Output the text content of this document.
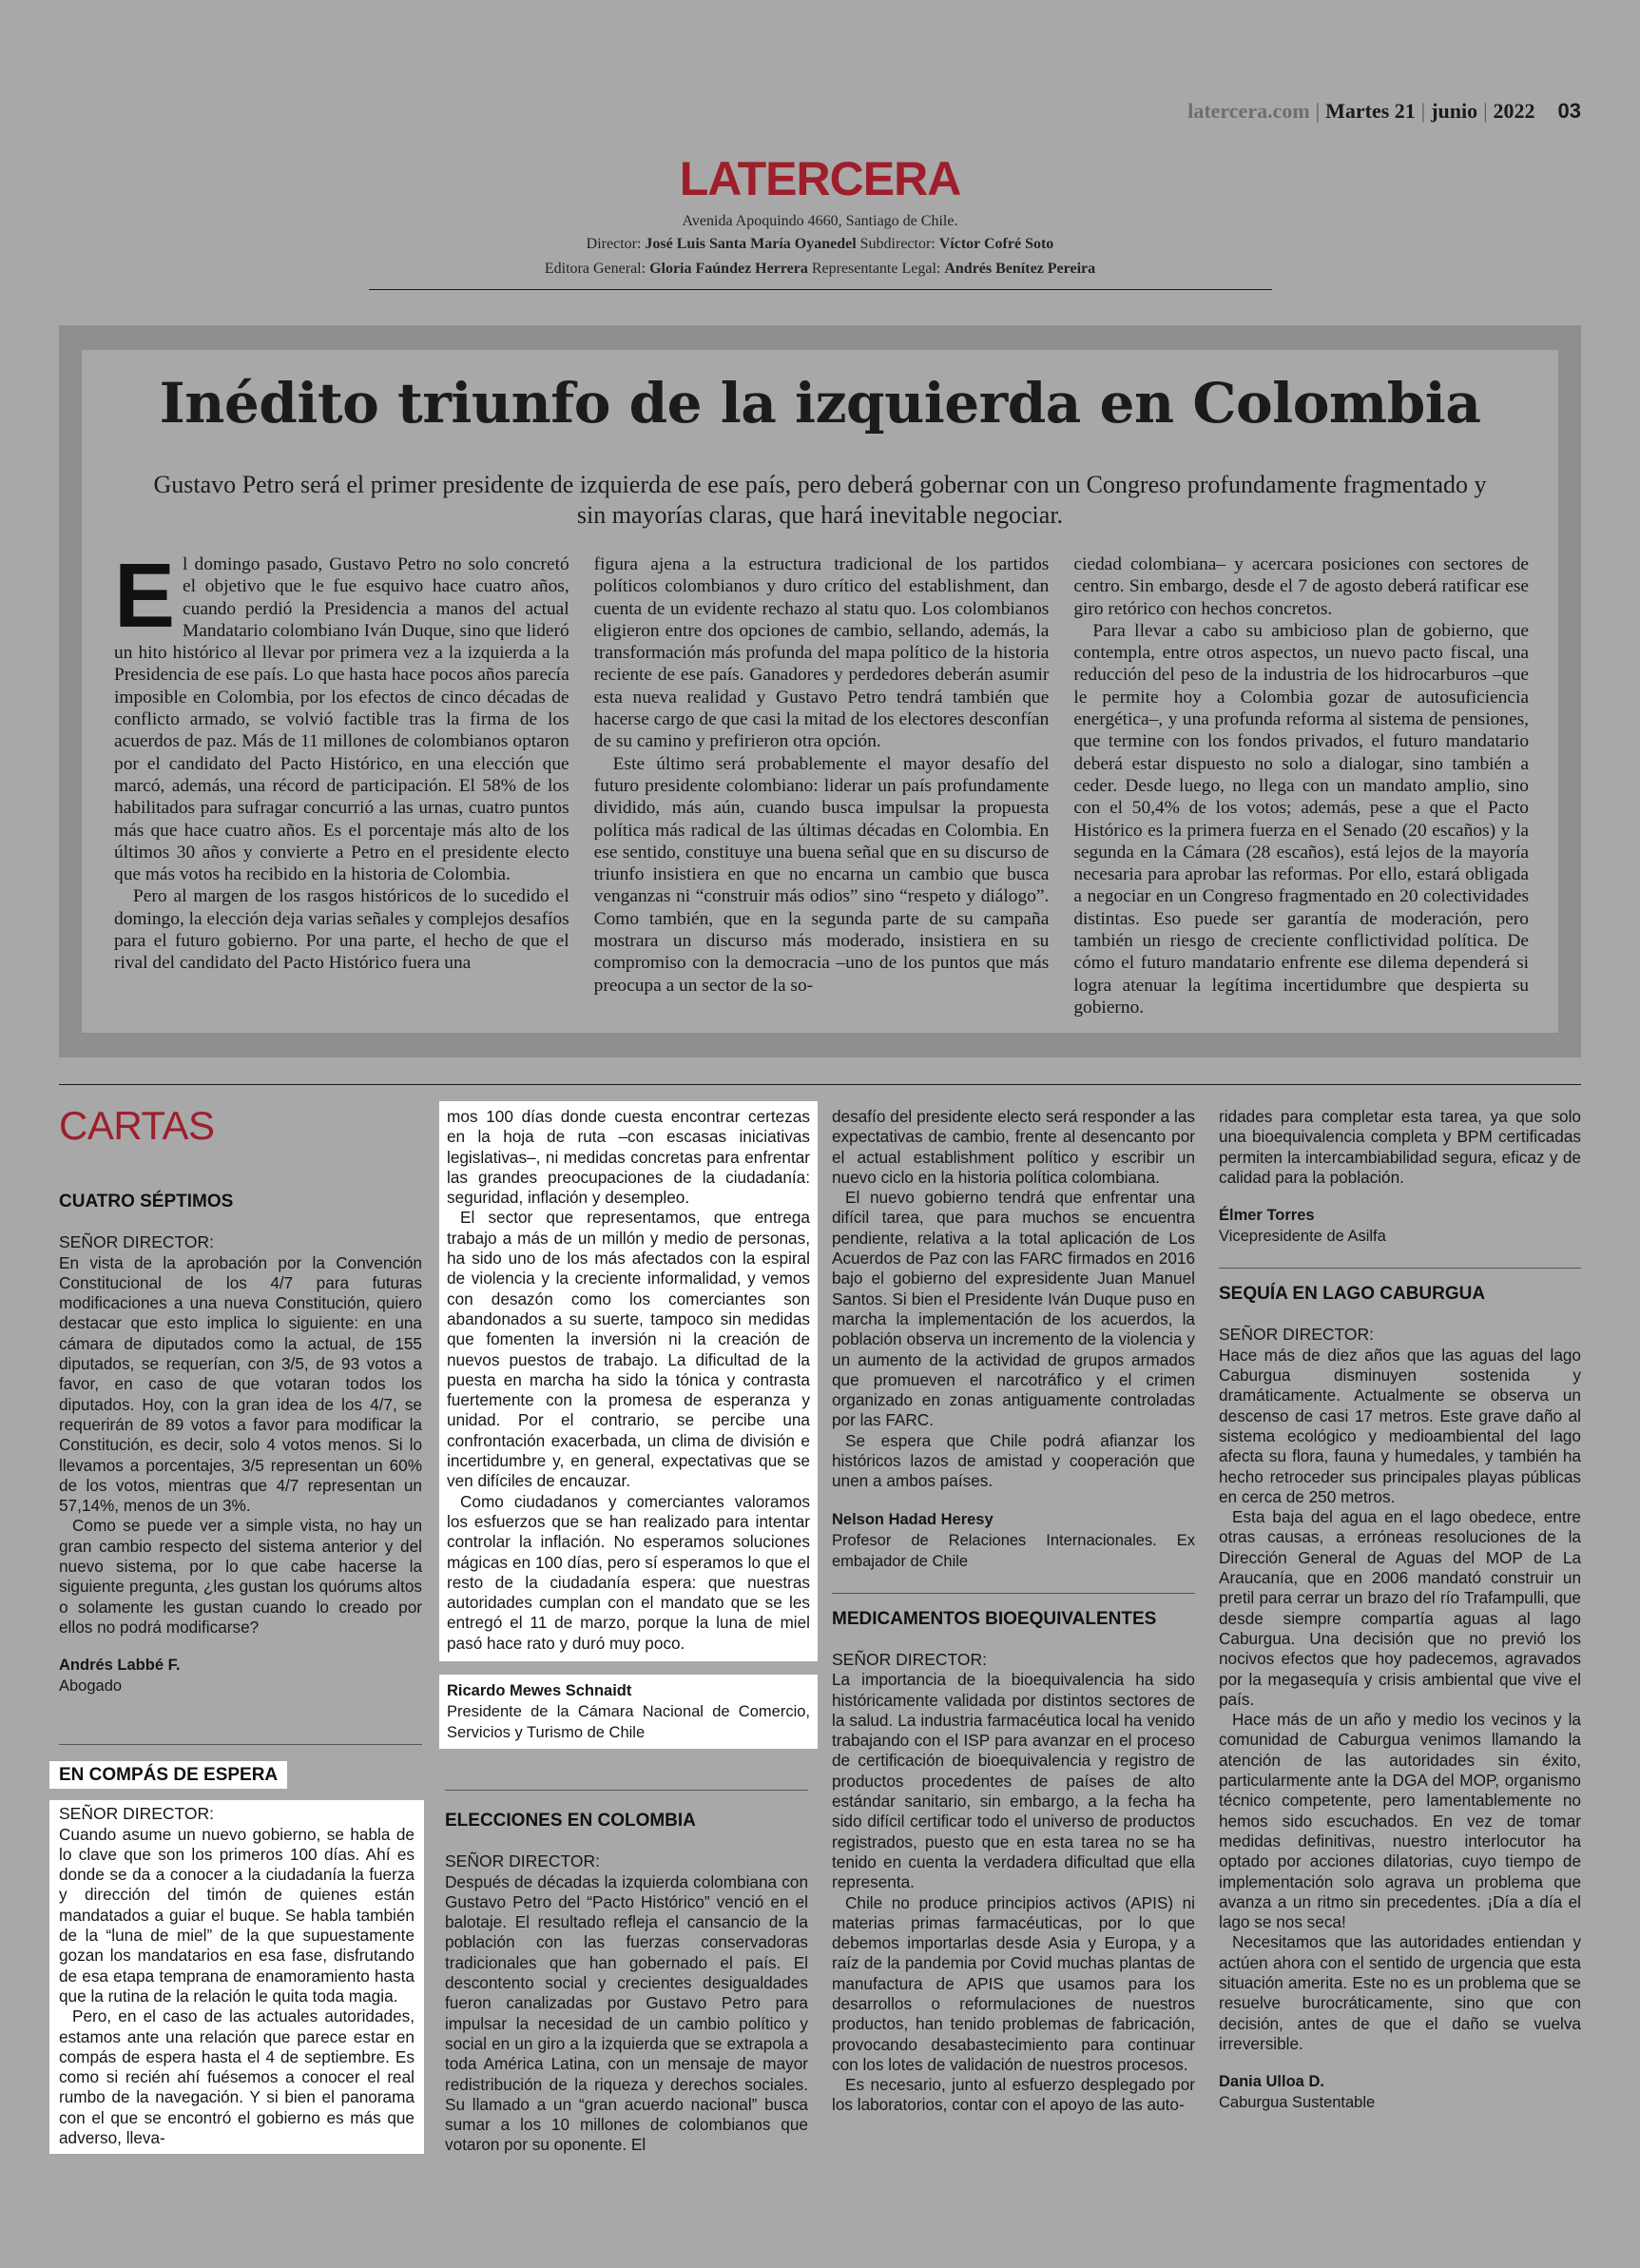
latercera.com | Martes 21 | junio | 2022 03
LATERCERA
Avenida Apoquindo 4660, Santiago de Chile.
Director: José Luis Santa María Oyanedel Subdirector: Víctor Cofré Soto
Editora General: Gloria Faúndez Herrera Representante Legal: Andrés Benítez Pereira
Inédito triunfo de la izquierda en Colombia
Gustavo Petro será el primer presidente de izquierda de ese país, pero deberá gobernar con un Congreso profundamente fragmentado y sin mayorías claras, que hará inevitable negociar.

El domingo pasado, Gustavo Petro no solo concretó el objetivo que le fue esquivo hace cuatro años, cuando perdió la Presidencia a manos del actual Mandatario colombiano Iván Duque, sino que lideró un hito histórico al llevar por primera vez a la izquierda a la Presidencia de ese país. Lo que hasta hace pocos años parecía imposible en Colombia, por los efectos de cinco décadas de conflicto armado, se volvió factible tras la firma de los acuerdos de paz. Más de 11 millones de colombianos optaron por el candidato del Pacto Histórico, en una elección que marcó, además, una récord de participación. El 58% de los habilitados para sufragar concurrió a las urnas, cuatro puntos más que hace cuatro años. Es el porcentaje más alto de los últimos 30 años y convierte a Petro en el presidente electo que más votos ha recibido en la historia de Colombia.

Pero al margen de los rasgos históricos de lo sucedido el domingo, la elección deja varias señales y complejos desafíos para el futuro gobierno. Por una parte, el hecho de que el rival del candidato del Pacto Histórico fuera una

figura ajena a la estructura tradicional de los partidos políticos colombianos y duro crítico del establishment, dan cuenta de un evidente rechazo al statu quo. Los colombianos eligieron entre dos opciones de cambio, sellando, además, la transformación más profunda del mapa político de la historia reciente de ese país. Ganadores y perdedores deberán asumir esta nueva realidad y Gustavo Petro tendrá también que hacerse cargo de que casi la mitad de los electores desconfían de su camino y prefirieron otra opción.

Este último será probablemente el mayor desafío del futuro presidente colombiano: liderar un país profundamente dividido, más aún, cuando busca impulsar la propuesta política más radical de las últimas décadas en Colombia. En ese sentido, constituye una buena señal que en su discurso de triunfo insistiera en que no encarna un cambio que busca venganzas ni “construir más odios” sino “respeto y diálogo”. Como también, que en la segunda parte de su campaña mostrara un discurso más moderado, insistiera en su compromiso con la democracia –uno de los puntos que más preocupa a un sector de la so-

ciedad colombiana– y acercara posiciones con sectores de centro. Sin embargo, desde el 7 de agosto deberá ratificar ese giro retórico con hechos concretos.

Para llevar a cabo su ambicioso plan de gobierno, que contempla, entre otros aspectos, un nuevo pacto fiscal, una reducción del peso de la industria de los hidrocarburos –que le permite hoy a Colombia gozar de autosuficiencia energética–, y una profunda reforma al sistema de pensiones, que termine con los fondos privados, el futuro mandatario deberá estar dispuesto no solo a dialogar, sino también a ceder. Desde luego, no llega con un mandato amplio, sino con el 50,4% de los votos; además, pese a que el Pacto Histórico es la primera fuerza en el Senado (20 escaños) y la segunda en la Cámara (28 escaños), está lejos de la mayoría necesaria para aprobar las reformas. Por ello, estará obligada a negociar en un Congreso fragmentado en 20 colectividades distintas. Eso puede ser garantía de moderación, pero también un riesgo de creciente conflictividad política. De cómo el futuro mandatario enfrente ese dilema dependerá si logra atenuar la legítima incertidumbre que despierta su gobierno.

CARTAS
CUATRO SÉPTIMOS
SEÑOR DIRECTOR:

En vista de la aprobación por la Convención Constitucional de los 4/7 para futuras modificaciones a una nueva Constitución, quiero destacar que esto implica lo siguiente: en una cámara de diputados como la actual, de 155 diputados, se requerían, con 3/5, de 93 votos a favor, en caso de que votaran todos los diputados. Hoy, con la gran idea de los 4/7, se requerirán de 89 votos a favor para modificar la Constitución, es decir, solo 4 votos menos. Si lo llevamos a porcentajes, 3/5 representan un 60% de los votos, mientras que 4/7 representan un 57,14%, menos de un 3%.

Como se puede ver a simple vista, no hay un gran cambio respecto del sistema anterior y del nuevo sistema, por lo que cabe hacerse la siguiente pregunta, ¿les gustan los quórums altos o solamente les gustan cuando lo creado por ellos no podrá modificarse?

Andrés Labbé F.
Abogado
EN COMPÁS DE ESPERA
SEÑOR DIRECTOR:

Cuando asume un nuevo gobierno, se habla de lo clave que son los primeros 100 días. Ahí es donde se da a conocer a la ciudadanía la fuerza y dirección del timón de quienes están mandatados a guiar el buque. Se habla también de la “luna de miel” de la que supuestamente gozan los mandatarios en esa fase, disfrutando de esa etapa temprana de enamoramiento hasta que la rutina de la relación le quita toda magia.

Pero, en el caso de las actuales autoridades, estamos ante una relación que parece estar en compás de espera hasta el 4 de septiembre. Es como si recién ahí fuésemos a conocer el real rumbo de la navegación. Y si bien el panorama con el que se encontró el gobierno es más que adverso, lleva-

mos 100 días donde cuesta encontrar certezas en la hoja de ruta –con escasas iniciativas legislativas–, ni medidas concretas para enfrentar las grandes preocupaciones de la ciudadanía: seguridad, inflación y desempleo.

El sector que representamos, que entrega trabajo a más de un millón y medio de personas, ha sido uno de los más afectados con la espiral de violencia y la creciente informalidad, y vemos con desazón como los comerciantes son abandonados a su suerte, tampoco sin medidas que fomenten la inversión ni la creación de nuevos puestos de trabajo. La dificultad de la puesta en marcha ha sido la tónica y contrasta fuertemente con la promesa de esperanza y unidad. Por el contrario, se percibe una confrontación exacerbada, un clima de división e incertidumbre y, en general, expectativas que se ven difíciles de encauzar.

Como ciudadanos y comerciantes valoramos los esfuerzos que se han realizado para intentar controlar la inflación. No esperamos soluciones mágicas en 100 días, pero sí esperamos lo que el resto de la ciudadanía espera: que nuestras autoridades cumplan con el mandato que se les entregó el 11 de marzo, porque la luna de miel pasó hace rato y duró muy poco.

Ricardo Mewes Schnaidt
Presidente de la Cámara Nacional de Comercio, Servicios y Turismo de Chile
ELECCIONES EN COLOMBIA
SEÑOR DIRECTOR:

Después de décadas la izquierda colombiana con Gustavo Petro del “Pacto Histórico” venció en el balotaje. El resultado refleja el cansancio de la población con las fuerzas conservadoras tradicionales que han gobernado el país. El descontento social y crecientes desigualdades fueron canalizadas por Gustavo Petro para impulsar la necesidad de un cambio político y social en un giro a la izquierda que se extrapola a toda América Latina, con un mensaje de mayor redistribución de la riqueza y derechos sociales. Su llamado a un “gran acuerdo nacional” busca sumar a los 10 millones de colombianos que votaron por su oponente. El

desafío del presidente electo será responder a las expectativas de cambio, frente al desencanto por el actual establishment político y escribir un nuevo ciclo en la historia política colombiana.

El nuevo gobierno tendrá que enfrentar una difícil tarea, que para muchos se encuentra pendiente, relativa a la total aplicación de Los Acuerdos de Paz con las FARC firmados en 2016 bajo el gobierno del expresidente Juan Manuel Santos. Si bien el Presidente Iván Duque puso en marcha la implementación de los acuerdos, la población observa un incremento de la violencia y un aumento de la actividad de grupos armados que promueven el narcotráfico y el crimen organizado en zonas antiguamente controladas por las FARC.

Se espera que Chile podrá afianzar los históricos lazos de amistad y cooperación que unen a ambos países.

Nelson Hadad Heresy
Profesor de Relaciones Internacionales. Ex embajador de Chile
MEDICAMENTOS BIOEQUIVALENTES
SEÑOR DIRECTOR:

La importancia de la bioequivalencia ha sido históricamente validada por distintos sectores de la salud. La industria farmacéutica local ha venido trabajando con el ISP para avanzar en el proceso de certificación de bioequivalencia y registro de productos procedentes de países de alto estándar sanitario, sin embargo, a la fecha ha sido difícil certificar todo el universo de productos registrados, puesto que en esta tarea no se ha tenido en cuenta la verdadera dificultad que ella representa.

Chile no produce principios activos (APIS) ni materias primas farmacéuticas, por lo que debemos importarlas desde Asia y Europa, y a raíz de la pandemia por Covid muchas plantas de manufactura de APIS que usamos para los desarrollos o reformulaciones de nuestros productos, han tenido problemas de fabricación, provocando desabastecimiento para continuar con los lotes de validación de nuestros procesos.

Es necesario, junto al esfuerzo desplegado por los laboratorios, contar con el apoyo de las auto-

ridades para completar esta tarea, ya que solo una bioequivalencia completa y BPM certificadas permiten la intercambiabilidad segura, eficaz y de calidad para la población.

Élmer Torres
Vicepresidente de Asilfa
SEQUÍA EN LAGO CABURGUA
SEÑOR DIRECTOR:

Hace más de diez años que las aguas del lago Caburgua disminuyen sostenida y dramáticamente. Actualmente se observa un descenso de casi 17 metros. Este grave daño al sistema ecológico y medioambiental del lago afecta su flora, fauna y humedales, y también ha hecho retroceder sus principales playas públicas en cerca de 250 metros.

Esta baja del agua en el lago obedece, entre otras causas, a erróneas resoluciones de la Dirección General de Aguas del MOP de La Araucanía, que en 2006 mandató construir un pretil para cerrar un brazo del río Trafampulli, que desde siempre compartía aguas al lago Caburgua. Una decisión que no previó los nocivos efectos que hoy padecemos, agravados por la megasequía y crisis ambiental que vive el país.

Hace más de un año y medio los vecinos y la comunidad de Caburgua venimos llamando la atención de las autoridades sin éxito, particularmente ante la DGA del MOP, organismo técnico competente, pero lamentablemente no hemos sido escuchados. En vez de tomar medidas definitivas, nuestro interlocutor ha optado por acciones dilatorias, cuyo tiempo de implementación solo agrava un problema que avanza a un ritmo sin precedentes. ¡Día a día el lago se nos seca!

Necesitamos que las autoridades entiendan y actúen ahora con el sentido de urgencia que esta situación amerita. Este no es un problema que se resuelve burocráticamente, sino que con decisión, antes de que el daño se vuelva irreversible.

Dania Ulloa D.
Caburgua Sustentable
